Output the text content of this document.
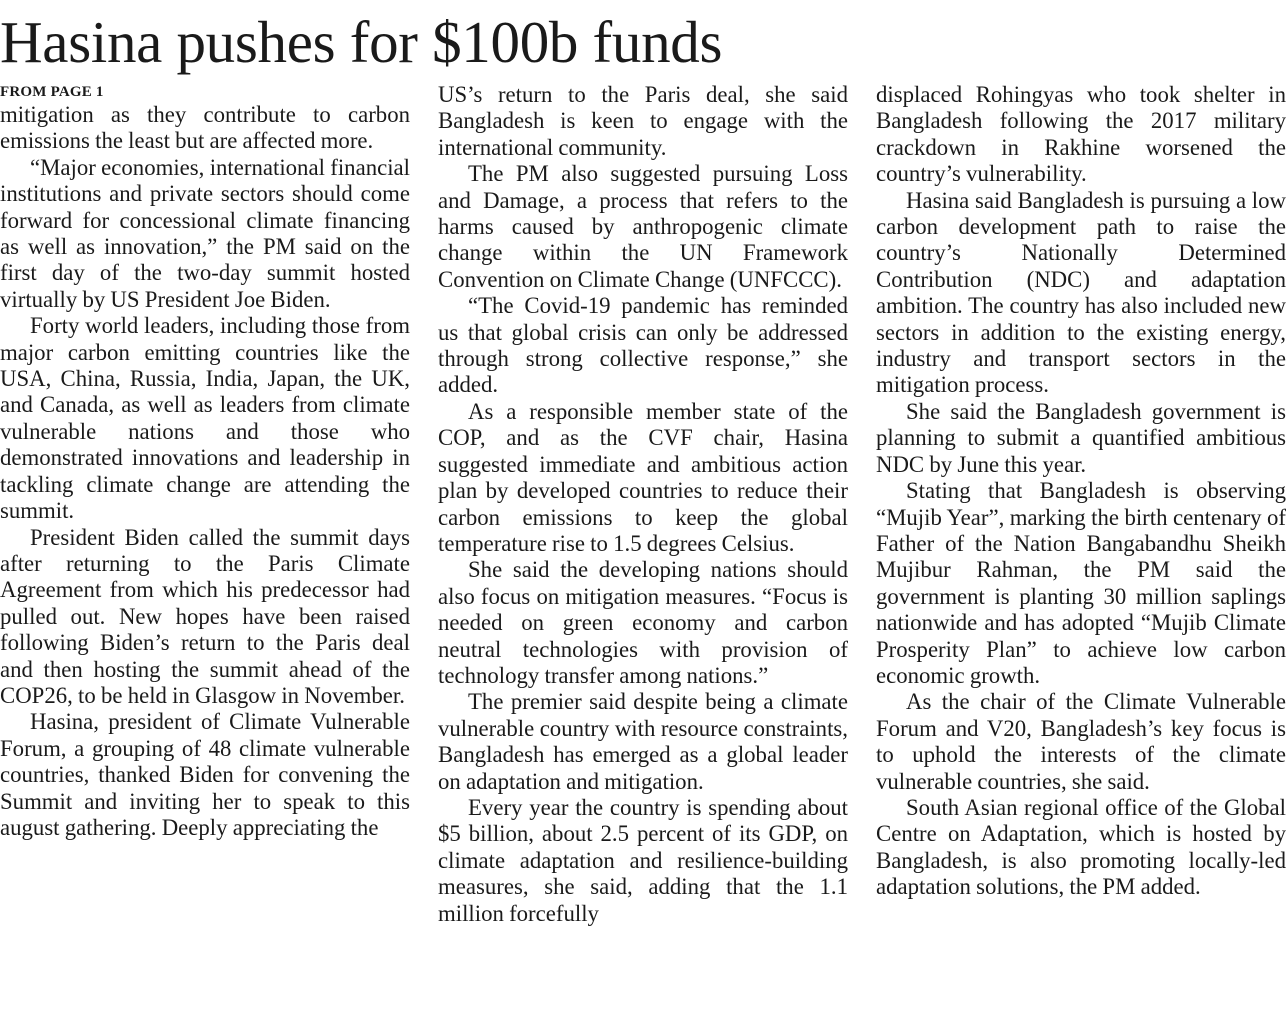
Hasina pushes for $100b funds
FROM PAGE 1

mitigation as they contribute to carbon emissions the least but are affected more.

“Major economies, international financial institutions and private sectors should come forward for concessional climate financing as well as innovation,” the PM said on the first day of the two-day summit hosted virtually by US President Joe Biden.

Forty world leaders, including those from major carbon emitting countries like the USA, China, Russia, India, Japan, the UK, and Canada, as well as leaders from climate vulnerable nations and those who demonstrated innovations and leadership in tackling climate change are attending the summit.

President Biden called the summit days after returning to the Paris Climate Agreement from which his predecessor had pulled out. New hopes have been raised following Biden’s return to the Paris deal and then hosting the summit ahead of the COP26, to be held in Glasgow in November.

Hasina, president of Climate Vulnerable Forum, a grouping of 48 climate vulnerable countries, thanked Biden for convening the Summit and inviting her to speak to this august gathering. Deeply appreciating the

US’s return to the Paris deal, she said Bangladesh is keen to engage with the international community.

The PM also suggested pursuing Loss and Damage, a process that refers to the harms caused by anthropogenic climate change within the UN Framework Convention on Climate Change (UNFCCC).

“The Covid-19 pandemic has reminded us that global crisis can only be addressed through strong collective response,” she added.

As a responsible member state of the COP, and as the CVF chair, Hasina suggested immediate and ambitious action plan by developed countries to reduce their carbon emissions to keep the global temperature rise to 1.5 degrees Celsius.

She said the developing nations should also focus on mitigation measures. “Focus is needed on green economy and carbon neutral technologies with provision of technology transfer among nations.”

The premier said despite being a climate vulnerable country with resource constraints, Bangladesh has emerged as a global leader on adaptation and mitigation.

Every year the country is spending about $5 billion, about 2.5 percent of its GDP, on climate adaptation and resilience-building measures, she said, adding that the 1.1 million forcefully

displaced Rohingyas who took shelter in Bangladesh following the 2017 military crackdown in Rakhine worsened the country’s vulnerability.

Hasina said Bangladesh is pursuing a low carbon development path to raise the country’s Nationally Determined Contribution (NDC) and adaptation ambition. The country has also included new sectors in addition to the existing energy, industry and transport sectors in the mitigation process.

She said the Bangladesh government is planning to submit a quantified ambitious NDC by June this year.

Stating that Bangladesh is observing “Mujib Year”, marking the birth centenary of Father of the Nation Bangabandhu Sheikh Mujibur Rahman, the PM said the government is planting 30 million saplings nationwide and has adopted “Mujib Climate Prosperity Plan” to achieve low carbon economic growth.

As the chair of the Climate Vulnerable Forum and V20, Bangladesh’s key focus is to uphold the interests of the climate vulnerable countries, she said.

South Asian regional office of the Global Centre on Adaptation, which is hosted by Bangladesh, is also promoting locally-led adaptation solutions, the PM added.
